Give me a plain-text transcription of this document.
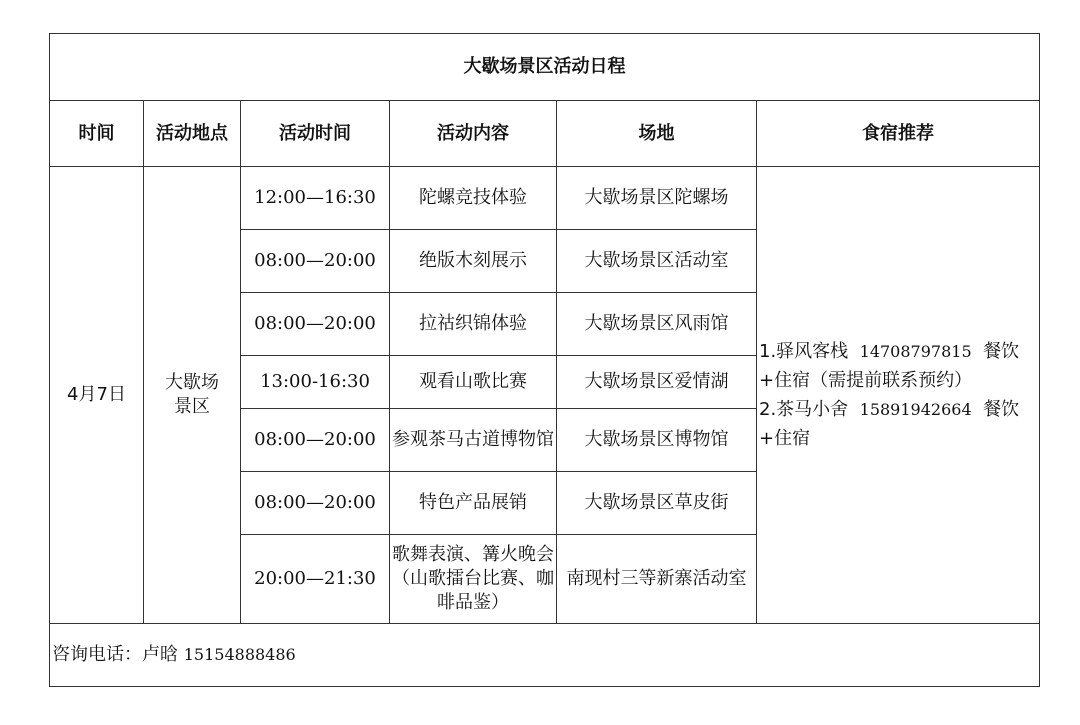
大歇场景区活动日程					
时间	活动地点	活动时间	活动内容	场地	食宿推荐
4月7日	大歇场景区	12:00—16:30	陀螺竞技体验	大歇场景区陀螺场	1.驿风客栈 14708797815 餐饮+住宿（需提前联系预约）
2.茶马小舍 15891942664 餐饮+住宿

		08:00—20:00	绝版木刻展示	大歇场景区活动室	
		08:00—20:00	拉祜织锦体验	大歇场景区风雨馆	
		13:00-16:30	观看山歌比赛	大歇场景区爱情湖	
		08:00—20:00	参观茶马古道博物馆	大歇场景区博物馆	
		08:00—20:00	特色产品展销	大歇场景区草皮街	
		20:00—21:30	歌舞表演、篝火晚会（山歌擂台比赛、咖啡品鉴）	南现村三等新寨活动室	
咨询电话：卢晗 15154888486					
